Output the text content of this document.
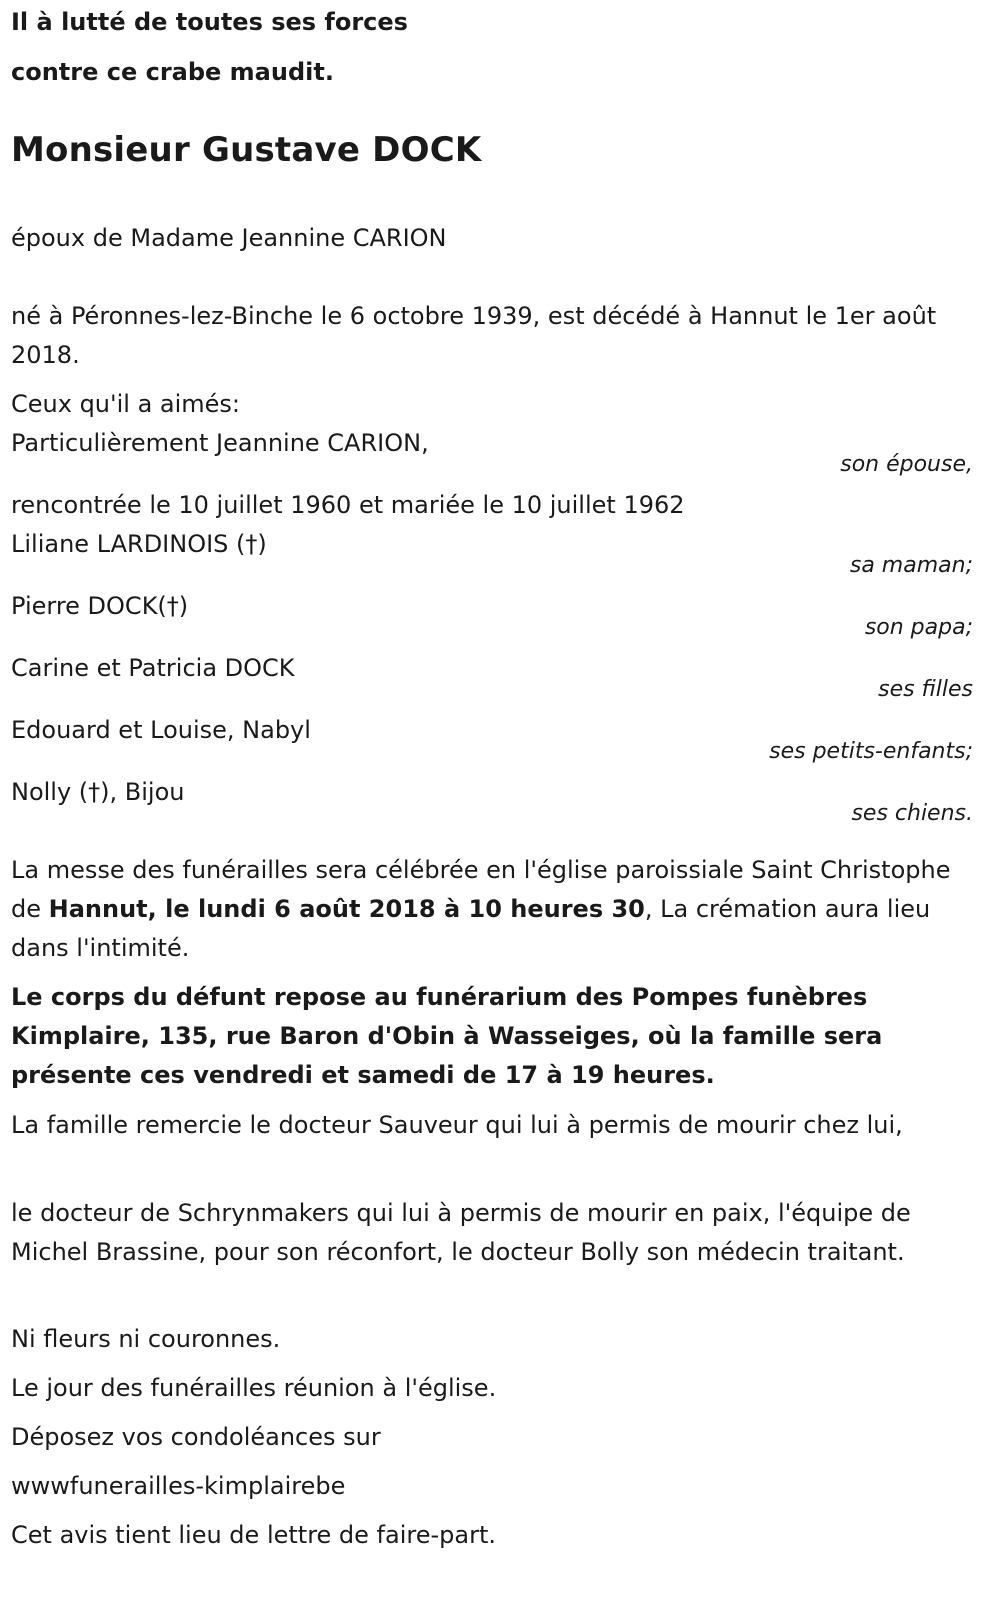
Il à lutté de toutes ses forces
contre ce crabe maudit.
Monsieur Gustave DOCK
époux de Madame Jeannine CARION
né à Péronnes-lez-Binche le 6 octobre 1939, est décédé à Hannut le 1er août 2018.
Ceux qu'il a aimés:
Particulièrement Jeannine CARION,
son épouse,
rencontrée le 10 juillet 1960 et mariée le 10 juillet 1962
Liliane LARDINOIS (†)
sa maman;
Pierre DOCK(†)
son papa;
Carine et Patricia DOCK
ses filles
Edouard et Louise, Nabyl
ses petits-enfants;
Nolly (†), Bijou
ses chiens.
La messe des funérailles sera célébrée en l'église paroissiale Saint Christophe de Hannut, le lundi 6 août 2018 à 10 heures 30, La crémation aura lieu dans l'intimité.
Le corps du défunt repose au funérarium des Pompes funèbres Kimplaire, 135, rue Baron d'Obin à Wasseiges, où la famille sera présente ces vendredi et samedi de 17 à 19 heures.
La famille remercie le docteur Sauveur qui lui à permis de mourir chez lui,
le docteur de Schrynmakers qui lui à permis de mourir en paix, l'équipe de Michel Brassine, pour son réconfort, le docteur Bolly son médecin traitant.
Ni fleurs ni couronnes.
Le jour des funérailles réunion à l'église.
Déposez vos condoléances sur
wwwfunerailles-kimplairebe
Cet avis tient lieu de lettre de faire-part.
